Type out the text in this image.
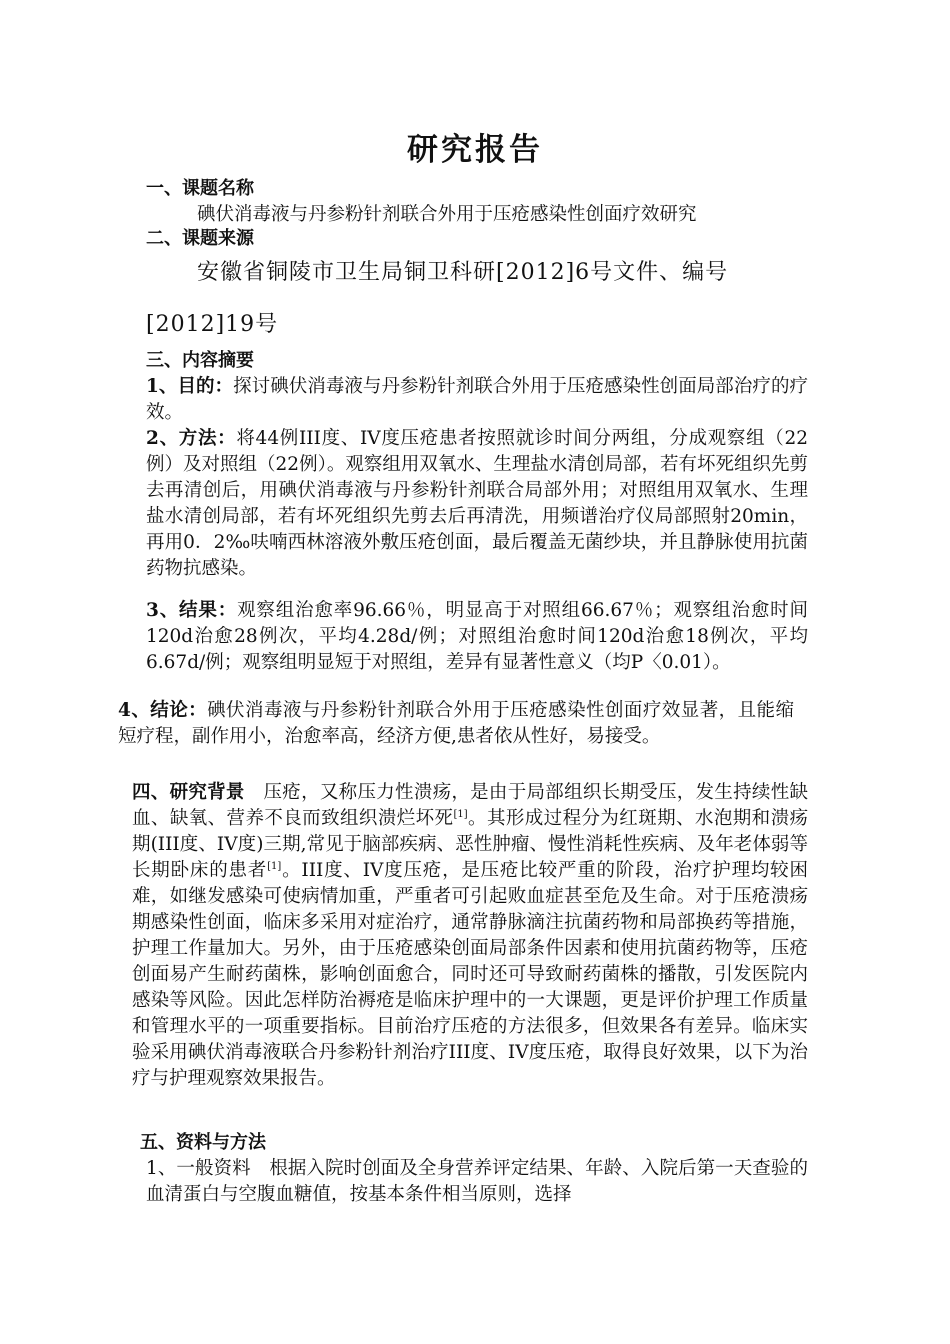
研究报告
一、课题名称
碘伏消毒液与丹参粉针剂联合外用于压疮感染性创面疗效研究
二、课题来源
安徽省铜陵市卫生局铜卫科研[2012]6号文件、编号
[2012]19号
三、内容摘要
1、目的：探讨碘伏消毒液与丹参粉针剂联合外用于压疮感染性创面局部治疗的疗效。
2、方法：将44例III度、IV度压疮患者按照就诊时间分两组，分成观察组（22例）及对照组（22例）。观察组用双氧水、生理盐水清创局部，若有坏死组织先剪去再清创后，用碘伏消毒液与丹参粉针剂联合局部外用；对照组用双氧水、生理盐水清创局部，若有坏死组织先剪去后再清洗，用频谱治疗仪局部照射20min，再用0．2‰呋喃西林溶液外敷压疮创面，最后覆盖无菌纱块，并且静脉使用抗菌药物抗感染。
3、结果：观察组治愈率96.66％，明显高于对照组66.67％；观察组治愈时间120d治愈28例次，平均4.28d/例；对照组治愈时间120d治愈18例次，平均6.67d/例；观察组明显短于对照组，差异有显著性意义（均P〈0.01）。
4、结论：碘伏消毒液与丹参粉针剂联合外用于压疮感染性创面疗效显著，且能缩短疗程，副作用小，治愈率高，经济方便,患者依从性好，易接受。
四、研究背景　 压疮，又称压力性溃疡，是由于局部组织长期受压，发生持续性缺血、缺氧、营养不良而致组织溃烂坏死[1]。其形成过程分为红斑期、水泡期和溃疡期(III度、IV度)三期,常见于脑部疾病、恶性肿瘤、慢性消耗性疾病、及年老体弱等长期卧床的患者[1]。III度、IV度压疮，是压疮比较严重的阶段，治疗护理均较困难，如继发感染可使病情加重，严重者可引起败血症甚至危及生命。对于压疮溃疡期感染性创面，临床多采用对症治疗，通常静脉滴注抗菌药物和局部换药等措施，护理工作量加大。另外，由于压疮感染创面局部条件因素和使用抗菌药物等，压疮创面易产生耐药菌株，影响创面愈合，同时还可导致耐药菌株的播散，引发医院内感染等风险。因此怎样防治褥疮是临床护理中的一大课题，更是评价护理工作质量和管理水平的一项重要指标。目前治疗压疮的方法很多，但效果各有差异。临床实验采用碘伏消毒液联合丹参粉针剂治疗III度、IV度压疮，取得良好效果，以下为治疗与护理观察效果报告。
五、资料与方法
1、一般资料　根据入院时创面及全身营养评定结果、年龄、入院后第一天查验的血清蛋白与空腹血糖值，按基本条件相当原则，选择
